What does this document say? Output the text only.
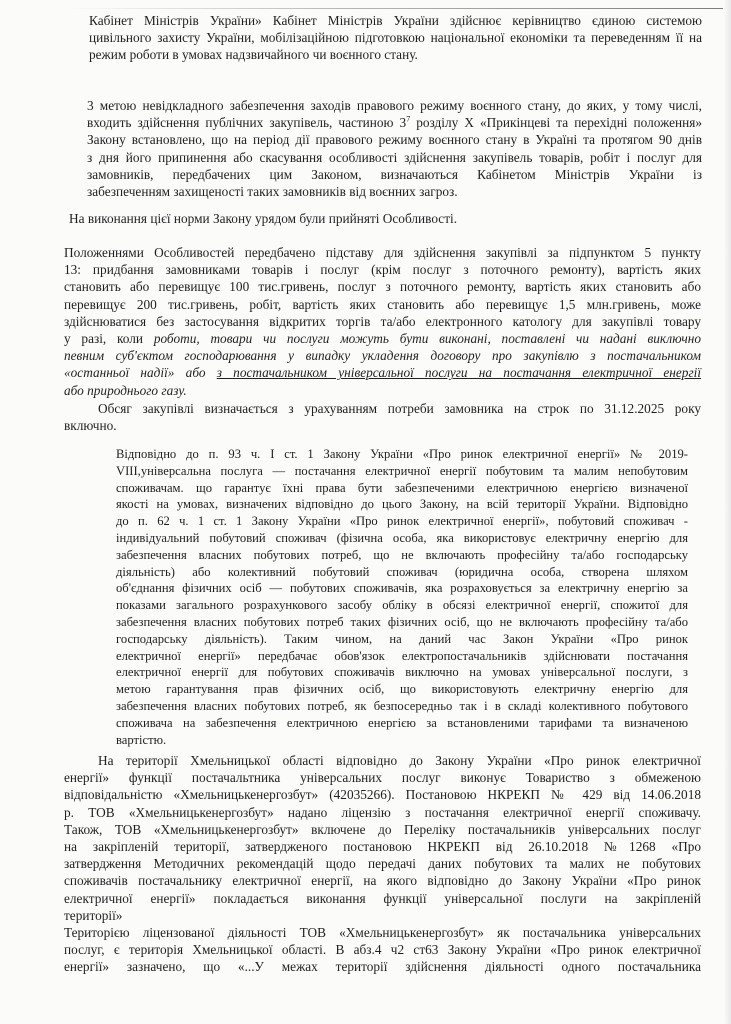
Кабінет Міністрів України» Кабінет Міністрів України здійснює керівництво єдиною системою
цивільного захисту України, мобілізаційною підготовкою національної економіки та переведенням її на
режим роботи в умовах надзвичайного чи воєнного стану.
3 метою невідкладного забезпечення заходів правового режиму воєнного стану, до яких, у тому числі,
входить здійснення публічних закупівель, частиною $3^7$ розділу X «Прикінцеві та перехідні положення»
Закону встановлено, що на період дії правового режиму воєнного стану в Україні та протягом 90 днів
з дня його припинення або скасування особливості здійснення закупівель товарів, робіт і послуг для
замовників, передбачених цим Законом, визначаються Кабінетом Міністрів України із
забезпеченням захищеності таких замовників від воєнних загроз.
На виконання цієї норми Закону урядом були прийняті Особливості.
Положеннями Особливостей передбачено підставу для здійснення закупівлі за підпунктом 5 пункту
13: придбання замовниками товарів і послуг (крім послуг з поточного ремонту), вартість яких
становить або перевищує 100 тис.гривень, послуг з поточного ремонту, вартість яких становить або
перевищує 200 тис.гривень, робіт, вартість яких становить або перевищує 1,5 млн.гривень, може
здійснюватися без застосування відкритих торгів та/або електронного катологу для закупівлі товару
у разі, коли роботи, товари чи послуги можуть бути виконані, поставлені чи надані виключно
певним суб'єктом господарювання у випадку укладення договору про закупівлю з постачальником
«останньої надії» або з постачальником універсальної послуги на постачання електричної енергії
або природнього газу.
Обсяг закупівлі визначається з урахуванням потреби замовника на строк по 31.12.2025 року
включно.
Відповідно до п. 93 ч. І ст. 1 Закону України «Про ринок електричної енергії» № 2019-
VIII,універсальна послуга — постачання електричної енергії побутовим та малим непобутовим
споживачам. що гарантує їхні права бути забезпеченими електричною енергією визначеної
якості на умовах, визначених відповідно до цього Закону, на всій території України. Відповідно
до п. 62 ч. 1 ст. 1 Закону України «Про ринок електричної енергії», побутовий споживач -
індивідуальний побутовий споживач (фізична особа, яка використовує електричну енергію для
забезпечення власних побутових потреб, що не включають професійну та/або господарську
діяльність) або колективний побутовий споживач (юридична особа, створена шляхом
об'єднання фізичних осіб — побутових споживачів, яка розраховується за електричну енергію за
показами загального розрахункового засобу обліку в обсязі електричної енергії, спожитої для
забезпечення власних побутових потреб таких фізичних осіб, що не включають професійну та/або
господарську діяльність). Таким чином, на даний час Закон України «Про ринок
електричної енергії» передбачає обов'язок електропостачальників здійснювати постачання
електричної енергії для побутових споживачів виключно на умовах універсальної послуги, з
метою гарантування прав фізичних осіб, що використовують електричну енергію для
забезпечення власних побутових потреб, як безпосередньо так і в складі колективного побутового
споживача на забезпечення електричною енергією за встановленими тарифами та визначеною
вартістю.
На території Хмельницької області відповідно до Закону України «Про ринок електричної
енергії» функції постачальтника універсальних послуг виконує Товариство з обмеженою
відповідальністю «Хмельницькенергозбут» (42035266). Постановою НКРЕКП № 429 від 14.06.2018
р. ТОВ «Хмельницькенергозбут» надано ліцензію з постачання електричної енергії споживачу.
Також, ТОВ «Хмельницькенергозбут» включене до Переліку постачальників універсальних послуг
на закріпленій території, затвердженого постановою НКРЕКП від 26.10.2018 №1268 «Про
затвердження Методичних рекомендацій щодо передачі даних побутових та малих не побутових
споживачів постачальнику електричної енергії, на якого відповідно до Закону України «Про ринок
електричної енергії» покладається виконання функції універсальної послуги на закріпленій
території»
Територією ліцензованої діяльності ТОВ «Хмельницькенергозбут» як постачальника універсальних
послуг, є територія Хмельницької області. В абз.4 ч2 ст63 Закону України «Про ринок електричної
енергії» зазначено, що «...У межах території здійснення діяльності одного постачальника
